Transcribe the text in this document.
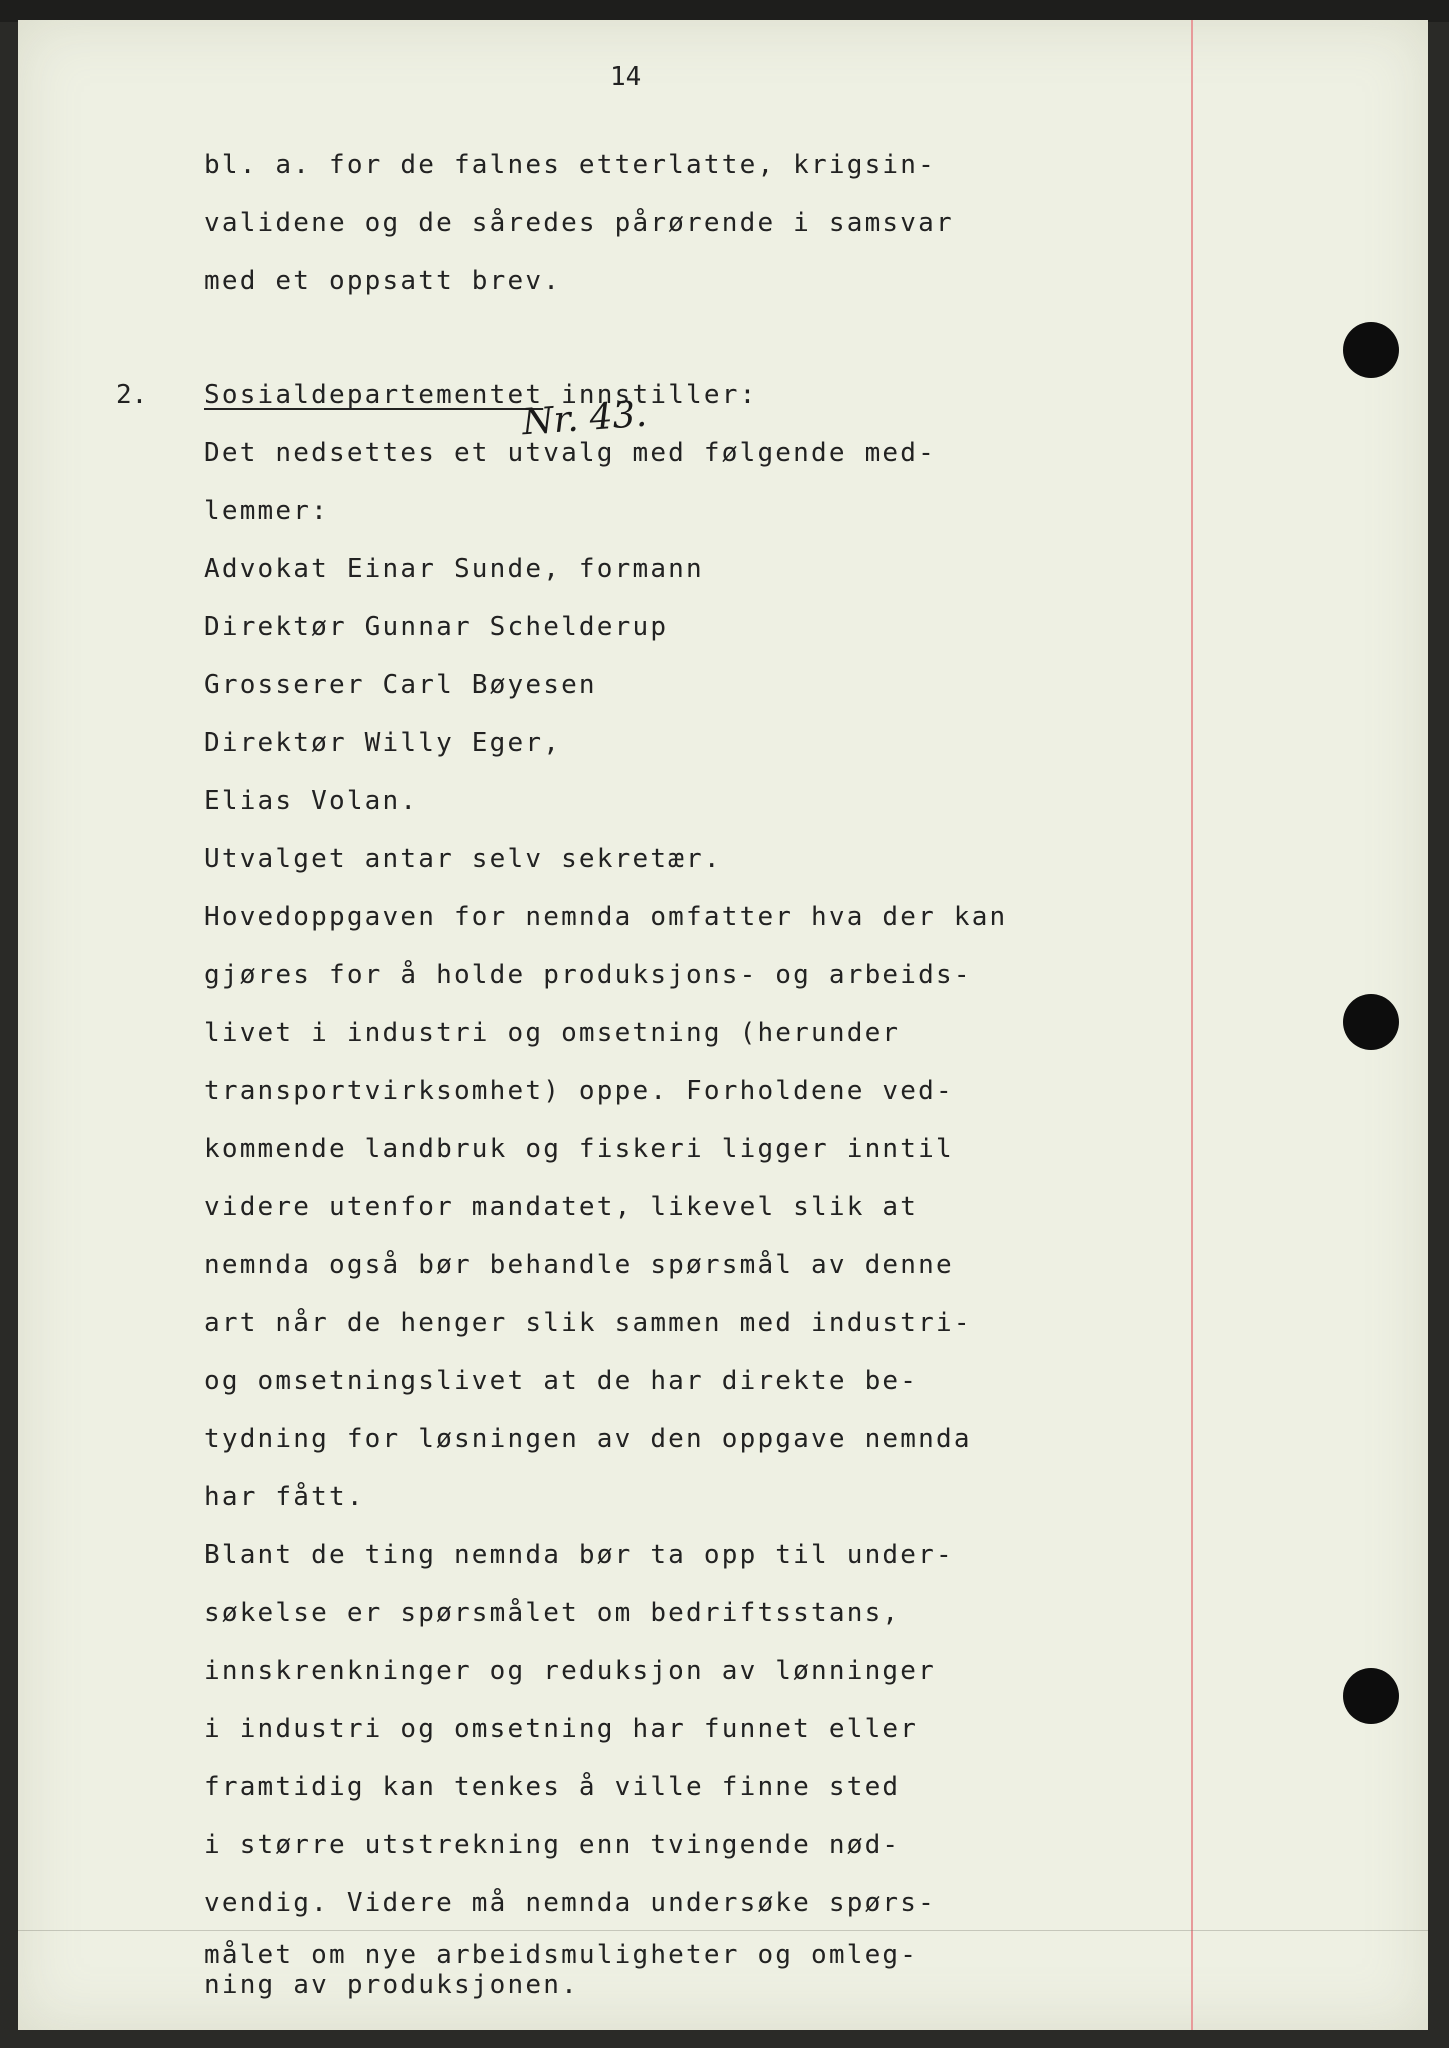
14
bl. a. for de falnes etterlatte, krigsin-
validene og de såredes pårørende i samsvar
med et oppsatt brev.
2. Sosialdepartementet innstiller:
Nr. 43.
Det nedsettes et utvalg med følgende med-
lemmer:
Advokat Einar Sunde, formann
Direktør Gunnar Schelderup
Grosserer Carl Bøyesen
Direktør Willy Eger,
Elias Volan.
Utvalget antar selv sekretær.
Hovedoppgaven for nemnda omfatter hva der kan
gjøres for å holde produksjons- og arbeids-
livet i industri og omsetning (herunder
transportvirksomhet) oppe. Forholdene ved-
kommende landbruk og fiskeri ligger inntil
videre utenfor mandatet, likevel slik at
nemnda også bør behandle spørsmål av denne
art når de henger slik sammen med industri-
og omsetningslivet at de har direkte be-
tydning for løsningen av den oppgave nemnda
har fått.
Blant de ting nemnda bør ta opp til under-
søkelse er spørsmålet om bedriftsstans,
innskrenkninger og reduksjon av lønninger
i industri og omsetning har funnet eller
framtidig kan tenkes å ville finne sted
i større utstrekning enn tvingende nød-
vendig. Videre må nemnda undersøke spørs-
målet om nye arbeidsmuligheter og omleg-
ning av produksjonen.
